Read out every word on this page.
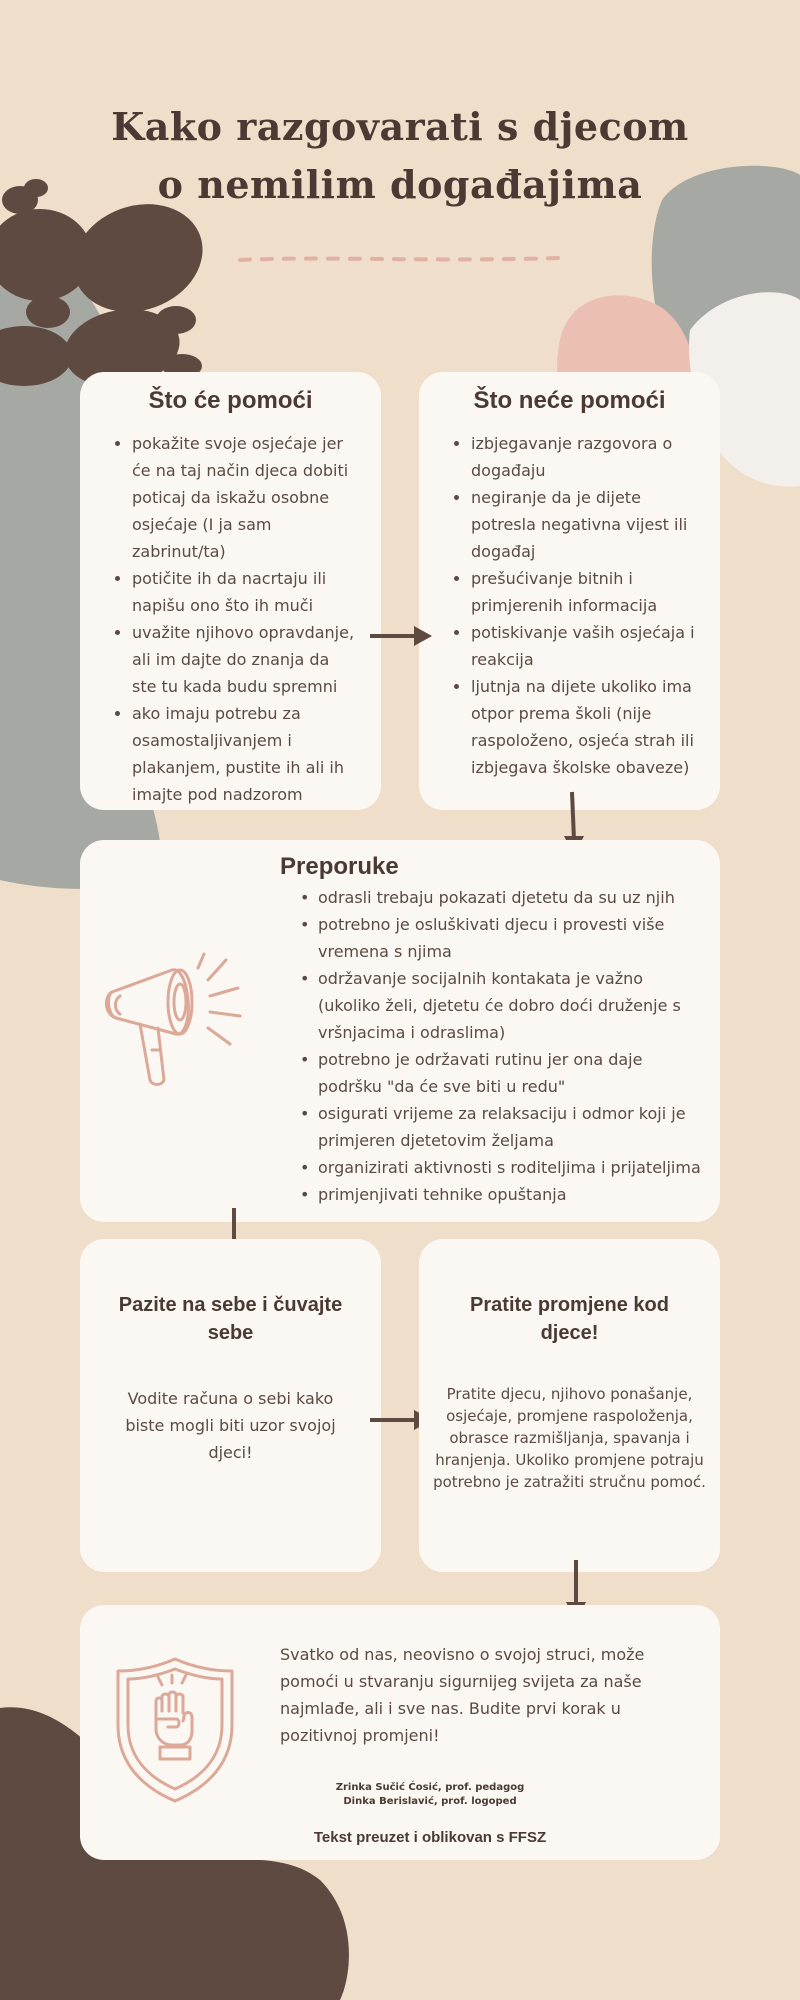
Kako razgovarati s djecom
o nemilim događajima
Što će pomoći
• pokažite svoje osjećaje jer će na taj način djeca dobiti poticaj da iskažu osobne osjećaje (I ja sam zabrinut/ta)
• potičite ih da nacrtaju ili napišu ono što ih muči
• uvažite njihovo opravdanje, ali im dajte do znanja da ste tu kada budu spremni
• ako imaju potrebu za osamostaljivanjem i plakanjem, pustite ih ali ih imajte pod nadzorom
Što neće pomoći
• izbjegavanje razgovora o događaju
• negiranje da je dijete potresla negativna vijest ili događaj
• prešućivanje bitnih i primjerenih informacija
• potiskivanje vaših osjećaja i reakcija
• ljutnja na dijete ukoliko ima otpor prema školi (nije raspoloženo, osjeća strah ili izbjegava školske obaveze)
Preporuke
• odrasli trebaju pokazati djetetu da su uz njih
• potrebno je osluškivati djecu i provesti više vremena s njima
• održavanje socijalnih kontakata je važno (ukoliko želi, djetetu će dobro doći druženje s vršnjacima i odraslima)
• potrebno je održavati rutinu jer ona daje podršku "da će sve biti u redu"
• osigurati vrijeme za relaksaciju i odmor koji je primjeren djetetovim željama
• organizirati aktivnosti s roditeljima i prijateljima
• primjenjivati tehnike opuštanja
Pazite na sebe i čuvajte sebe

Vodite računa o sebi kako biste mogli biti uzor svojoj djeci!

Pratite promjene kod djece!

Pratite djecu, njihovo ponašanje, osjećaje, promjene raspoloženja, obrasce razmišljanja, spavanja i hranjenja. Ukoliko promjene potraju potrebno je zatražiti stručnu pomoć.

Svatko od nas, neovisno o svojoj struci, može pomoći u stvaranju sigurnijeg svijeta za naše najmlađe, ali i sve nas. Budite prvi korak u pozitivnoj promjeni!

Zrinka Sučić Ćosić, prof. pedagog
Dinka Berislavić, prof. logoped
Tekst preuzet i oblikovan s FFSZ
